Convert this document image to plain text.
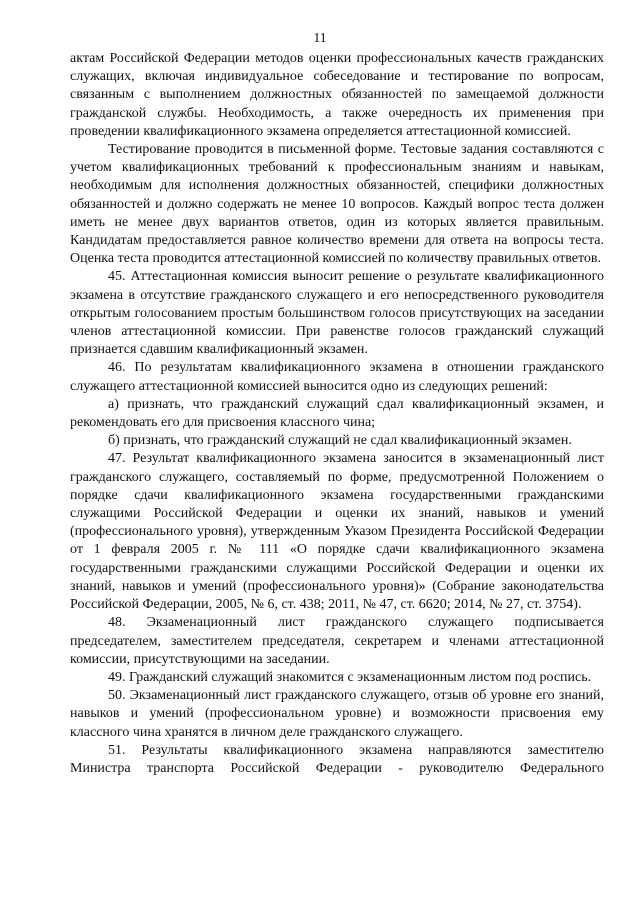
11

актам Российской Федерации методов оценки профессиональных качеств гражданских служащих, включая индивидуальное собеседование и тестирование по вопросам, связанным с выполнением должностных обязанностей по замещаемой должности гражданской службы. Необходимость, а также очередность их применения при проведении квалификационного экзамена определяется аттестационной комиссией.

Тестирование проводится в письменной форме. Тестовые задания составляются с учетом квалификационных требований к профессиональным знаниям и навыкам, необходимым для исполнения должностных обязанностей, специфики должностных обязанностей и должно содержать не менее 10 вопросов. Каждый вопрос теста должен иметь не менее двух вариантов ответов, один из которых является правильным. Кандидатам предоставляется равное количество времени для ответа на вопросы теста. Оценка теста проводится аттестационной комиссией по количеству правильных ответов.

45. Аттестационная комиссия выносит решение о результате квалификационного экзамена в отсутствие гражданского служащего и его непосредственного руководителя открытым голосованием простым большинством голосов присутствующих на заседании членов аттестационной комиссии. При равенстве голосов гражданский служащий признается сдавшим квалификационный экзамен.

46. По результатам квалификационного экзамена в отношении гражданского служащего аттестационной комиссией выносится одно из следующих решений:

а) признать, что гражданский служащий сдал квалификационный экзамен, и рекомендовать его для присвоения классного чина;

б) признать, что гражданский служащий не сдал квалификационный экзамен.

47. Результат квалификационного экзамена заносится в экзаменационный лист гражданского служащего, составляемый по форме, предусмотренной Положением о порядке сдачи квалификационного экзамена государственными гражданскими служащими Российской Федерации и оценки их знаний, навыков и умений (профессионального уровня), утвержденным Указом Президента Российской Федерации от 1 февраля 2005 г. № 111 «О порядке сдачи квалификационного экзамена государственными гражданскими служащими Российской Федерации и оценки их знаний, навыков и умений (профессионального уровня)» (Собрание законодательства Российской Федерации, 2005, № 6, ст. 438; 2011, № 47, ст. 6620; 2014, № 27, ст. 3754).

48. Экзаменационный лист гражданского служащего подписывается председателем, заместителем председателя, секретарем и членами аттестационной комиссии, присутствующими на заседании.

49. Гражданский служащий знакомится с экзаменационным листом под роспись.

50. Экзаменационный лист гражданского служащего, отзыв об уровне его знаний, навыков и умений (профессиональном уровне) и возможности присвоения ему классного чина хранятся в личном деле гражданского служащего.

51. Результаты квалификационного экзамена направляются заместителю Министра транспорта Российской Федерации - руководителю Федерального
